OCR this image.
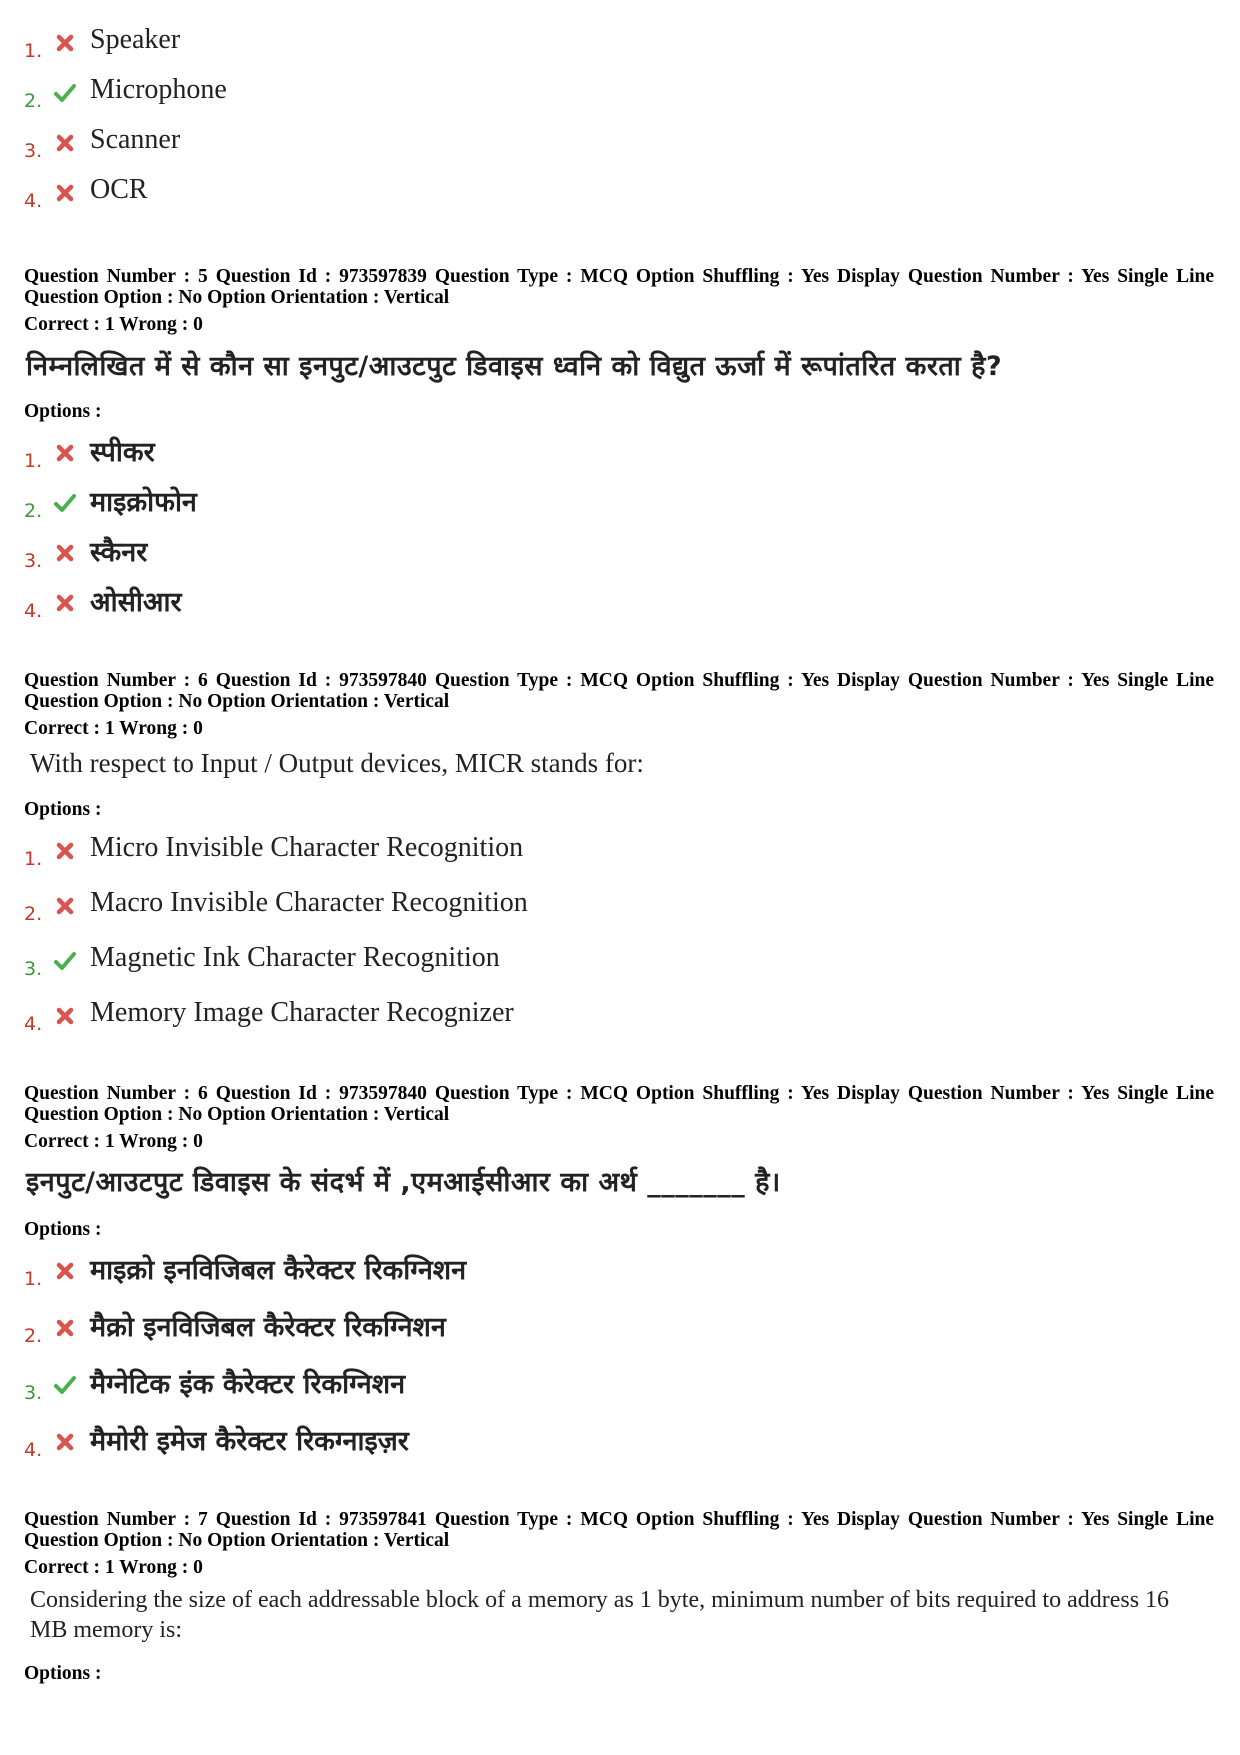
1. Speaker
2. Microphone
3. Scanner
4. OCR
Question Number : 5 Question Id : 973597839 Question Type : MCQ Option Shuffling : Yes Display Question Number : Yes Single Line Question Option : No Option Orientation : Vertical
Correct : 1 Wrong : 0
निम्नलिखित में से कौन सा इनपुट/आउटपुट डिवाइस ध्वनि को विद्युत ऊर्जा में रूपांतरित करता है?
Options :
1. स्पीकर
2. माइक्रोफोन
3. स्कैनर
4. ओसीआर
Question Number : 6 Question Id : 973597840 Question Type : MCQ Option Shuffling : Yes Display Question Number : Yes Single Line Question Option : No Option Orientation : Vertical
Correct : 1 Wrong : 0
With respect to Input / Output devices, MICR stands for:
Options :
1. Micro Invisible Character Recognition
2. Macro Invisible Character Recognition
3. Magnetic Ink Character Recognition
4. Memory Image Character Recognizer
Question Number : 6 Question Id : 973597840 Question Type : MCQ Option Shuffling : Yes Display Question Number : Yes Single Line Question Option : No Option Orientation : Vertical
Correct : 1 Wrong : 0
इनपुट/आउटपुट डिवाइस के संदर्भ में ,एमआईसीआर का अर्थ _______ है।
Options :
1. माइक्रो इनविजिबल कैरेक्टर रिकग्निशन
2. मैक्रो इनविजिबल कैरेक्टर रिकग्निशन
3. मैग्नेटिक इंक कैरेक्टर रिकग्निशन
4. मैमोरी इमेज कैरेक्टर रिकग्नाइज़र
Question Number : 7 Question Id : 973597841 Question Type : MCQ Option Shuffling : Yes Display Question Number : Yes Single Line Question Option : No Option Orientation : Vertical
Correct : 1 Wrong : 0
Considering the size of each addressable block of a memory as 1 byte, minimum number of bits required to address 16 MB memory is:
Options :
